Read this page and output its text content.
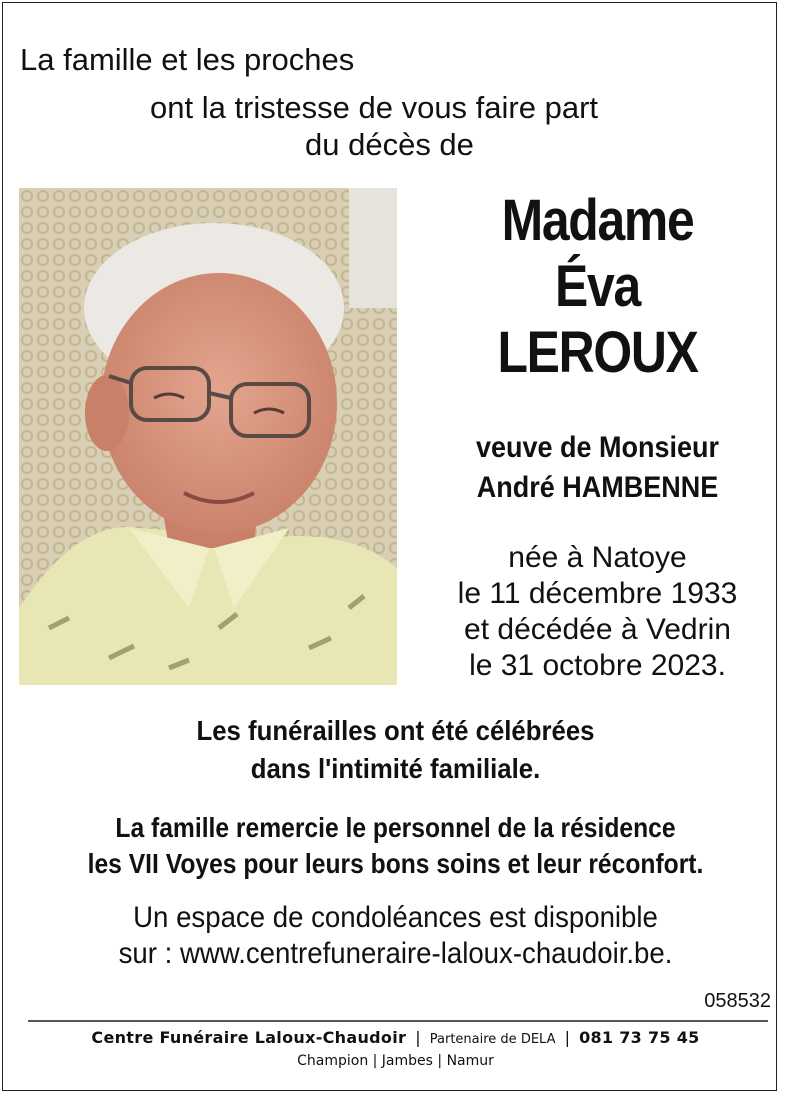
La famille et les proches
ont la tristesse de vous faire part
du décès de
Madame
Éva
LEROUX
veuve de Monsieur
André HAMBENNE
née à Natoye
le 11 décembre 1933
et décédée à Vedrin
le 31 octobre 2023.
Les funérailles ont été célébrées
dans l'intimité familiale.
La famille remercie le personnel de la résidence
les VII Voyes pour leurs bons soins et leur réconfort.
Un espace de condoléances est disponible
sur : www.centrefuneraire-laloux-chaudoir.be.
058532
Centre Funéraire Laloux-Chaudoir | Partenaire de DELA | 081 73 75 45
Champion | Jambes | Namur
